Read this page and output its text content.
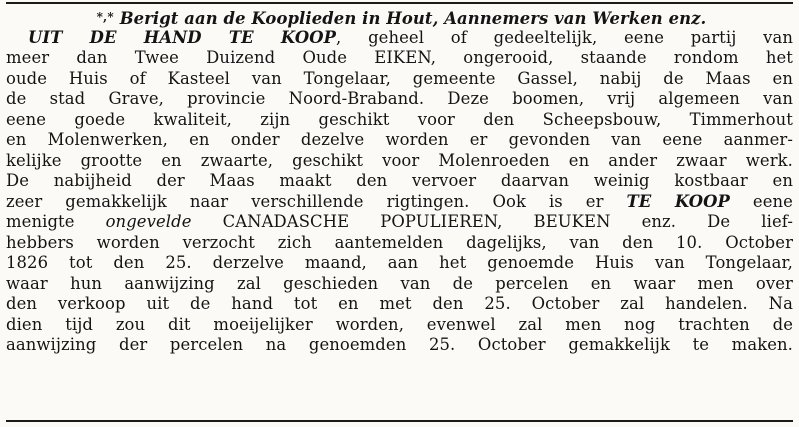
*,* Berigt aan de Kooplieden in Hout, Aannemers van Werken enz.
UIT DE HAND TE KOOP, geheel of gedeeltelijk, eene partij van
meer dan Twee Duizend Oude EIKEN, ongerooid, staande rondom het
oude Huis of Kasteel van Tongelaar, gemeente Gassel, nabij de Maas en
de stad Grave, provincie Noord-Braband. Deze boomen, vrij algemeen van
eene goede kwaliteit, zijn geschikt voor den Scheepsbouw, Timmerhout
en Molenwerken, en onder dezelve worden er gevonden van eene aanmer-
kelijke grootte en zwaarte, geschikt voor Molenroeden en ander zwaar werk.
De nabijheid der Maas maakt den vervoer daarvan weinig kostbaar en
zeer gemakkelijk naar verschillende rigtingen. Ook is er TE KOOP eene
menigte ongevelde CANADASCHE POPULIEREN, BEUKEN enz. De lief-
hebbers worden verzocht zich aantemelden dagelijks, van den 10. October
1826 tot den 25. derzelve maand, aan het genoemde Huis van Tongelaar,
waar hun aanwijzing zal geschieden van de percelen en waar men over
den verkoop uit de hand tot en met den 25. October zal handelen. Na
dien tijd zou dit moeijelijker worden, evenwel zal men nog trachten de
aanwijzing der percelen na genoemden 25. October gemakkelijk te maken.
